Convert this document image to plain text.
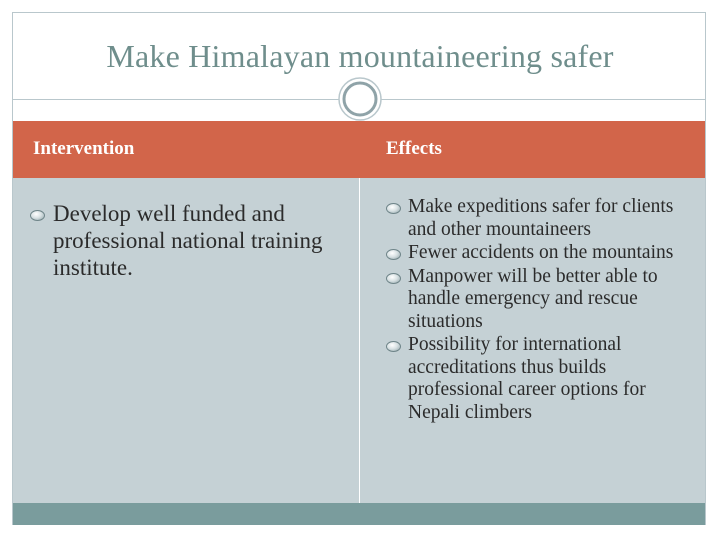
Make Himalayan mountaineering safer
Intervention	Effects
Develop well funded and professional national training institute.
Make expeditions safer for clients and other mountaineers
Fewer accidents on the mountains
Manpower will be better able to handle emergency and rescue situations
Possibility for international accreditations thus builds professional career options for Nepali climbers
